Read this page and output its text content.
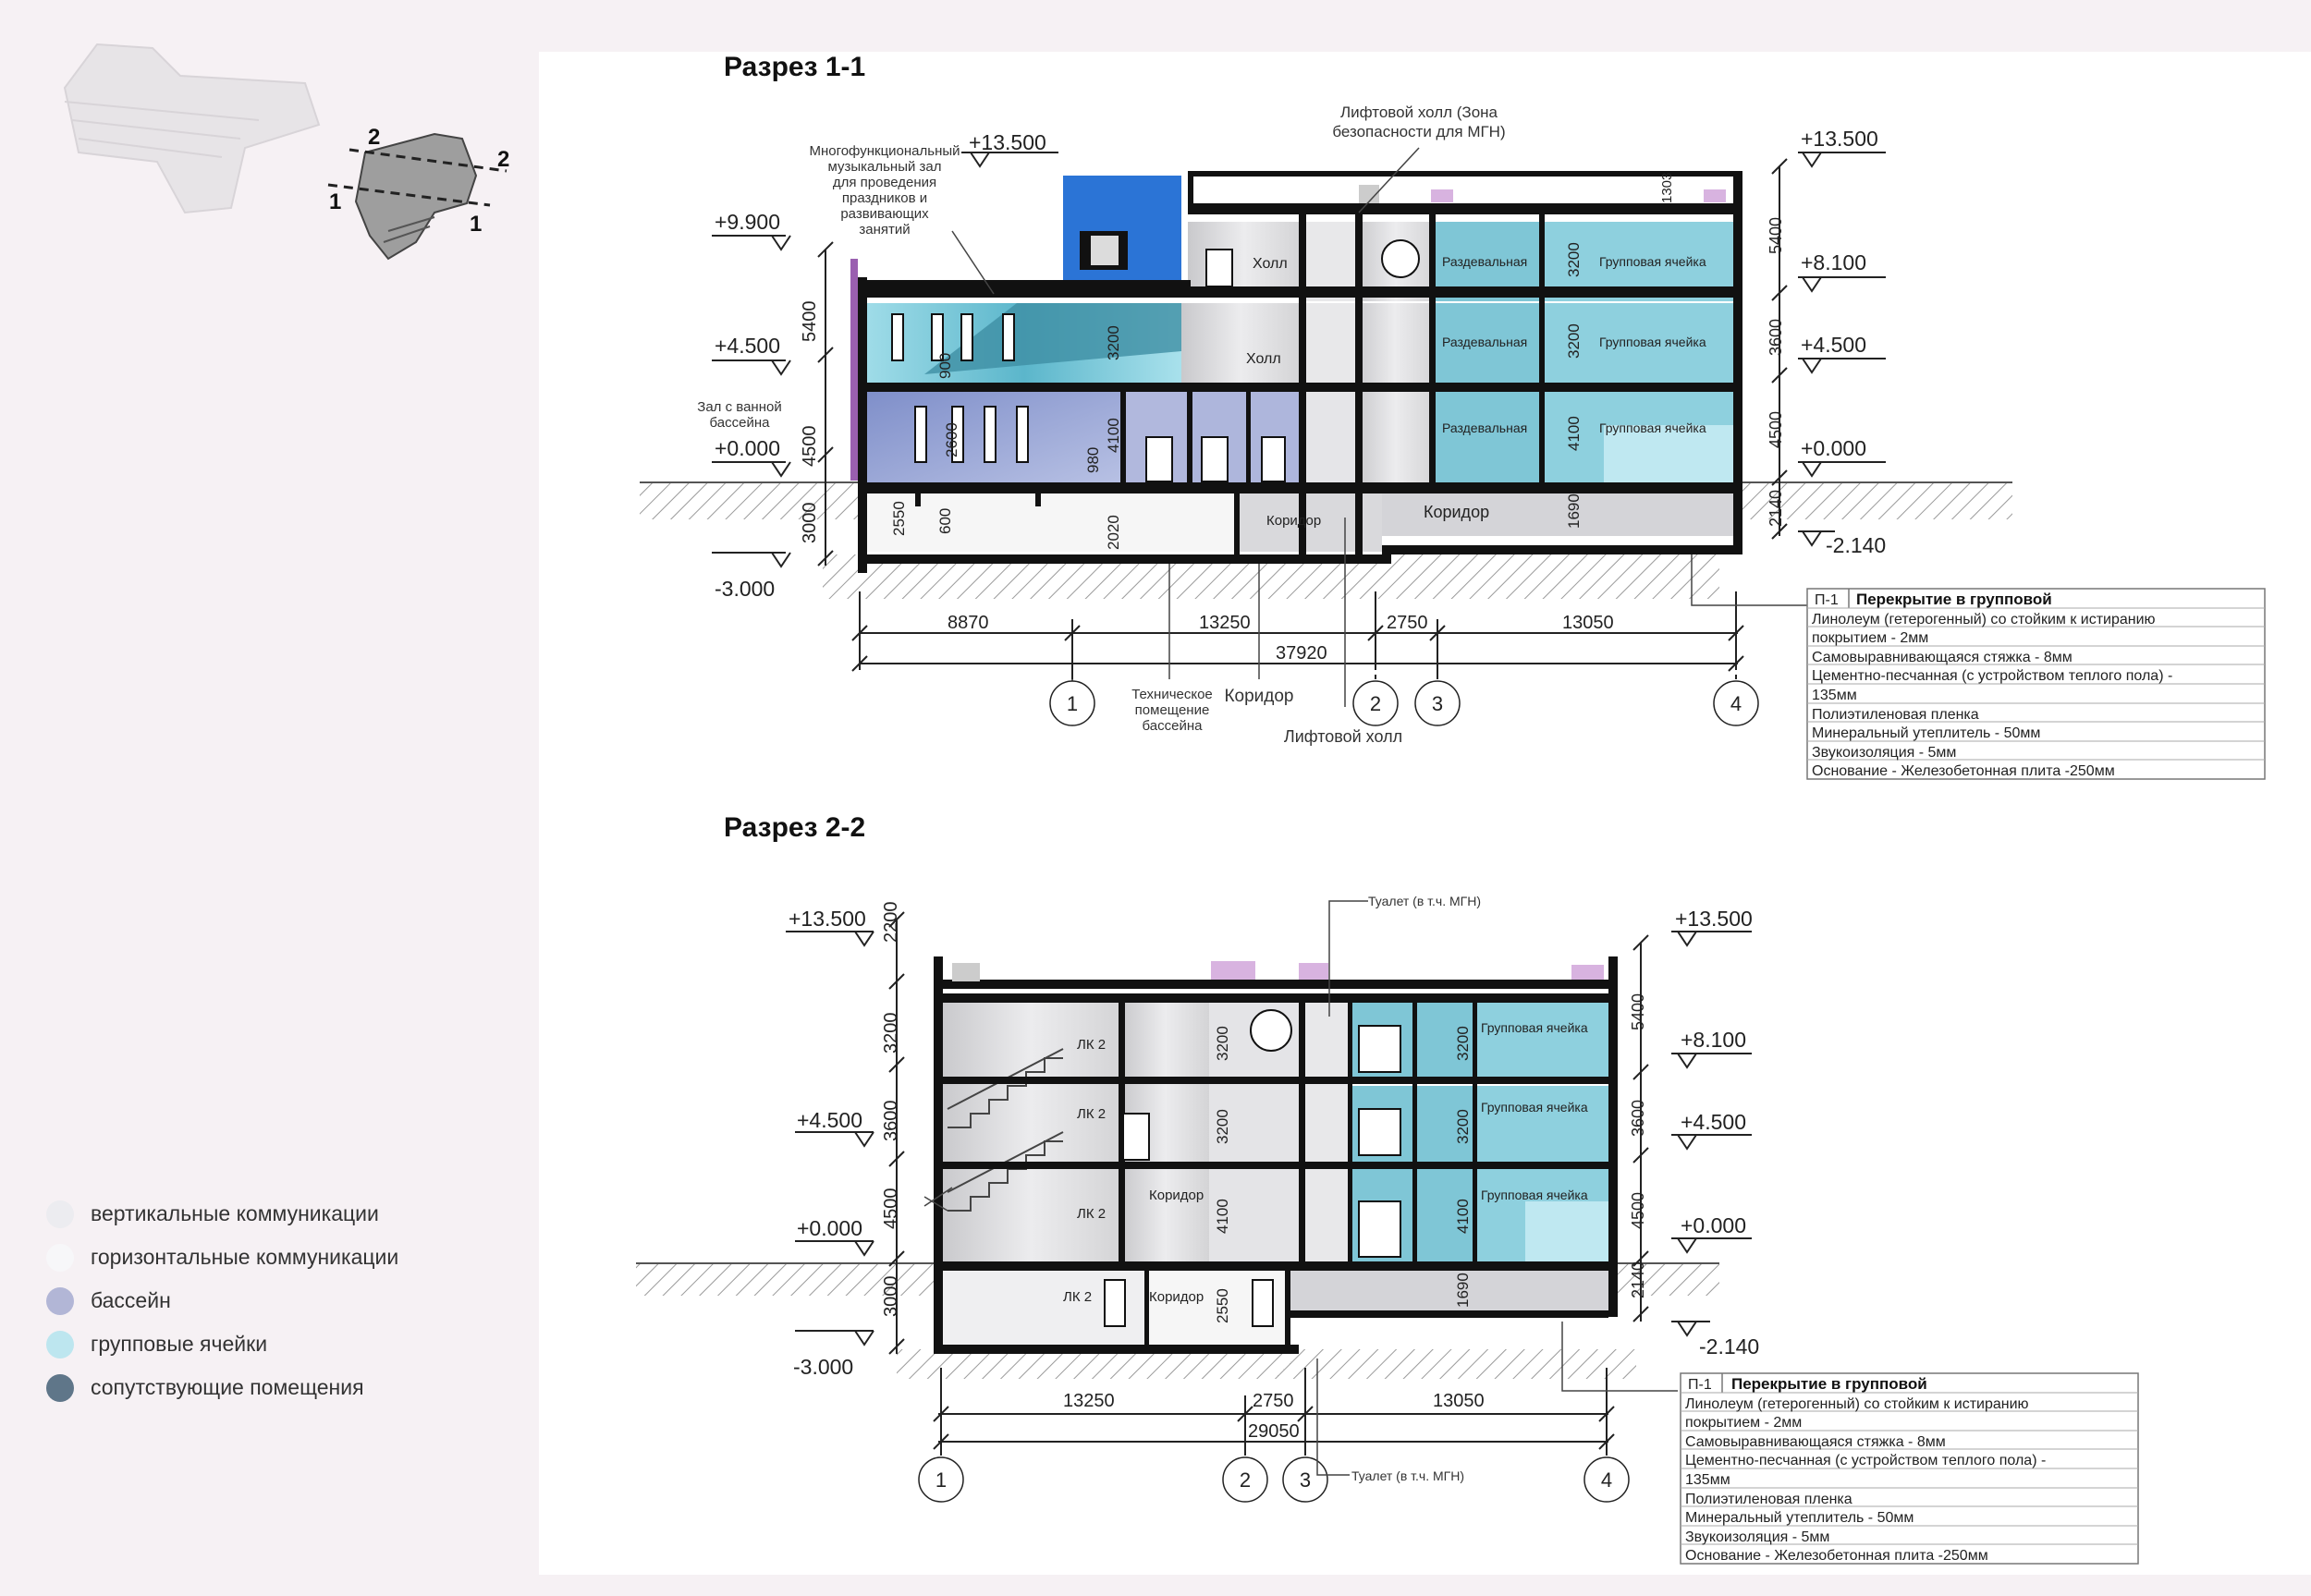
2
2
1
1
Разрез 1-1
Холл
Холл
Раздевальная
Раздевальная
Раздевальная
Групповая ячейка
Групповая ячейка
Групповая ячейка
Коридор	Коридор
900
2600
2550 600
980
4100
2020
3200
3200
3200
4100
1690
1303
5400
4500
3000
5400
3600
4500
2140
+13.500
+9.900
+4.500
+0.000
-3.000
+13.500
+8.100
+4.500
+0.000
-2.140
8870	13250	2750	13050
37920
1	2 3	4
Многофункциональный
музыкальный зал
для проведения
праздников и
развивающих
занятий
Лифтовой холл (Зона
безопасности для МГН)
Зал с ванной
бассейна
Техническое
помещение
бассейна
Коридор
Лифтовой холл
П-1 Перекрытие в групповой
Линолеум (гетерогенный) со стойким к истиранию
покрытием - 2мм
Самовыравнивающаяся стяжка - 8мм
Цементно-песчанная (с устройством теплого пола) -
135мм
Полиэтиленовая пленка
Минеральный утеплитель - 50мм
Звукоизоляция - 5мм
Основание - Железобетонная плита -250мм
Разрез 2-2
ЛК 2
ЛК 2
ЛК 2
ЛК 2
Коридор
Коридор
Групповая ячейка
Групповая ячейка
Групповая ячейка
3200
3200
4100
2550
3200
3200
4100
1690
2200
3200
3600
4500
3000
5400
3600
4500
2140
+13.500
+4.500
+0.000
-3.000
+13.500
+8.100
+4.500
+0.000
-2.140
13250	2750	13050
29050
1	2 3	4
Туалет (в т.ч. МГН)
Туалет (в т.ч. МГН)
П-1 Перекрытие в групповой
Линолеум (гетерогенный) со стойким к истиранию
покрытием - 2мм
Самовыравнивающаяся стяжка - 8мм
Цементно-песчанная (с устройством теплого пола) -
135мм
Полиэтиленовая пленка
Минеральный утеплитель - 50мм
Звукоизоляция - 5мм
Основание - Железобетонная плита -250мм
вертикальные коммуникации
горизонтальные коммуникации
бассейн
групповые ячейки
сопутствующие помещения
